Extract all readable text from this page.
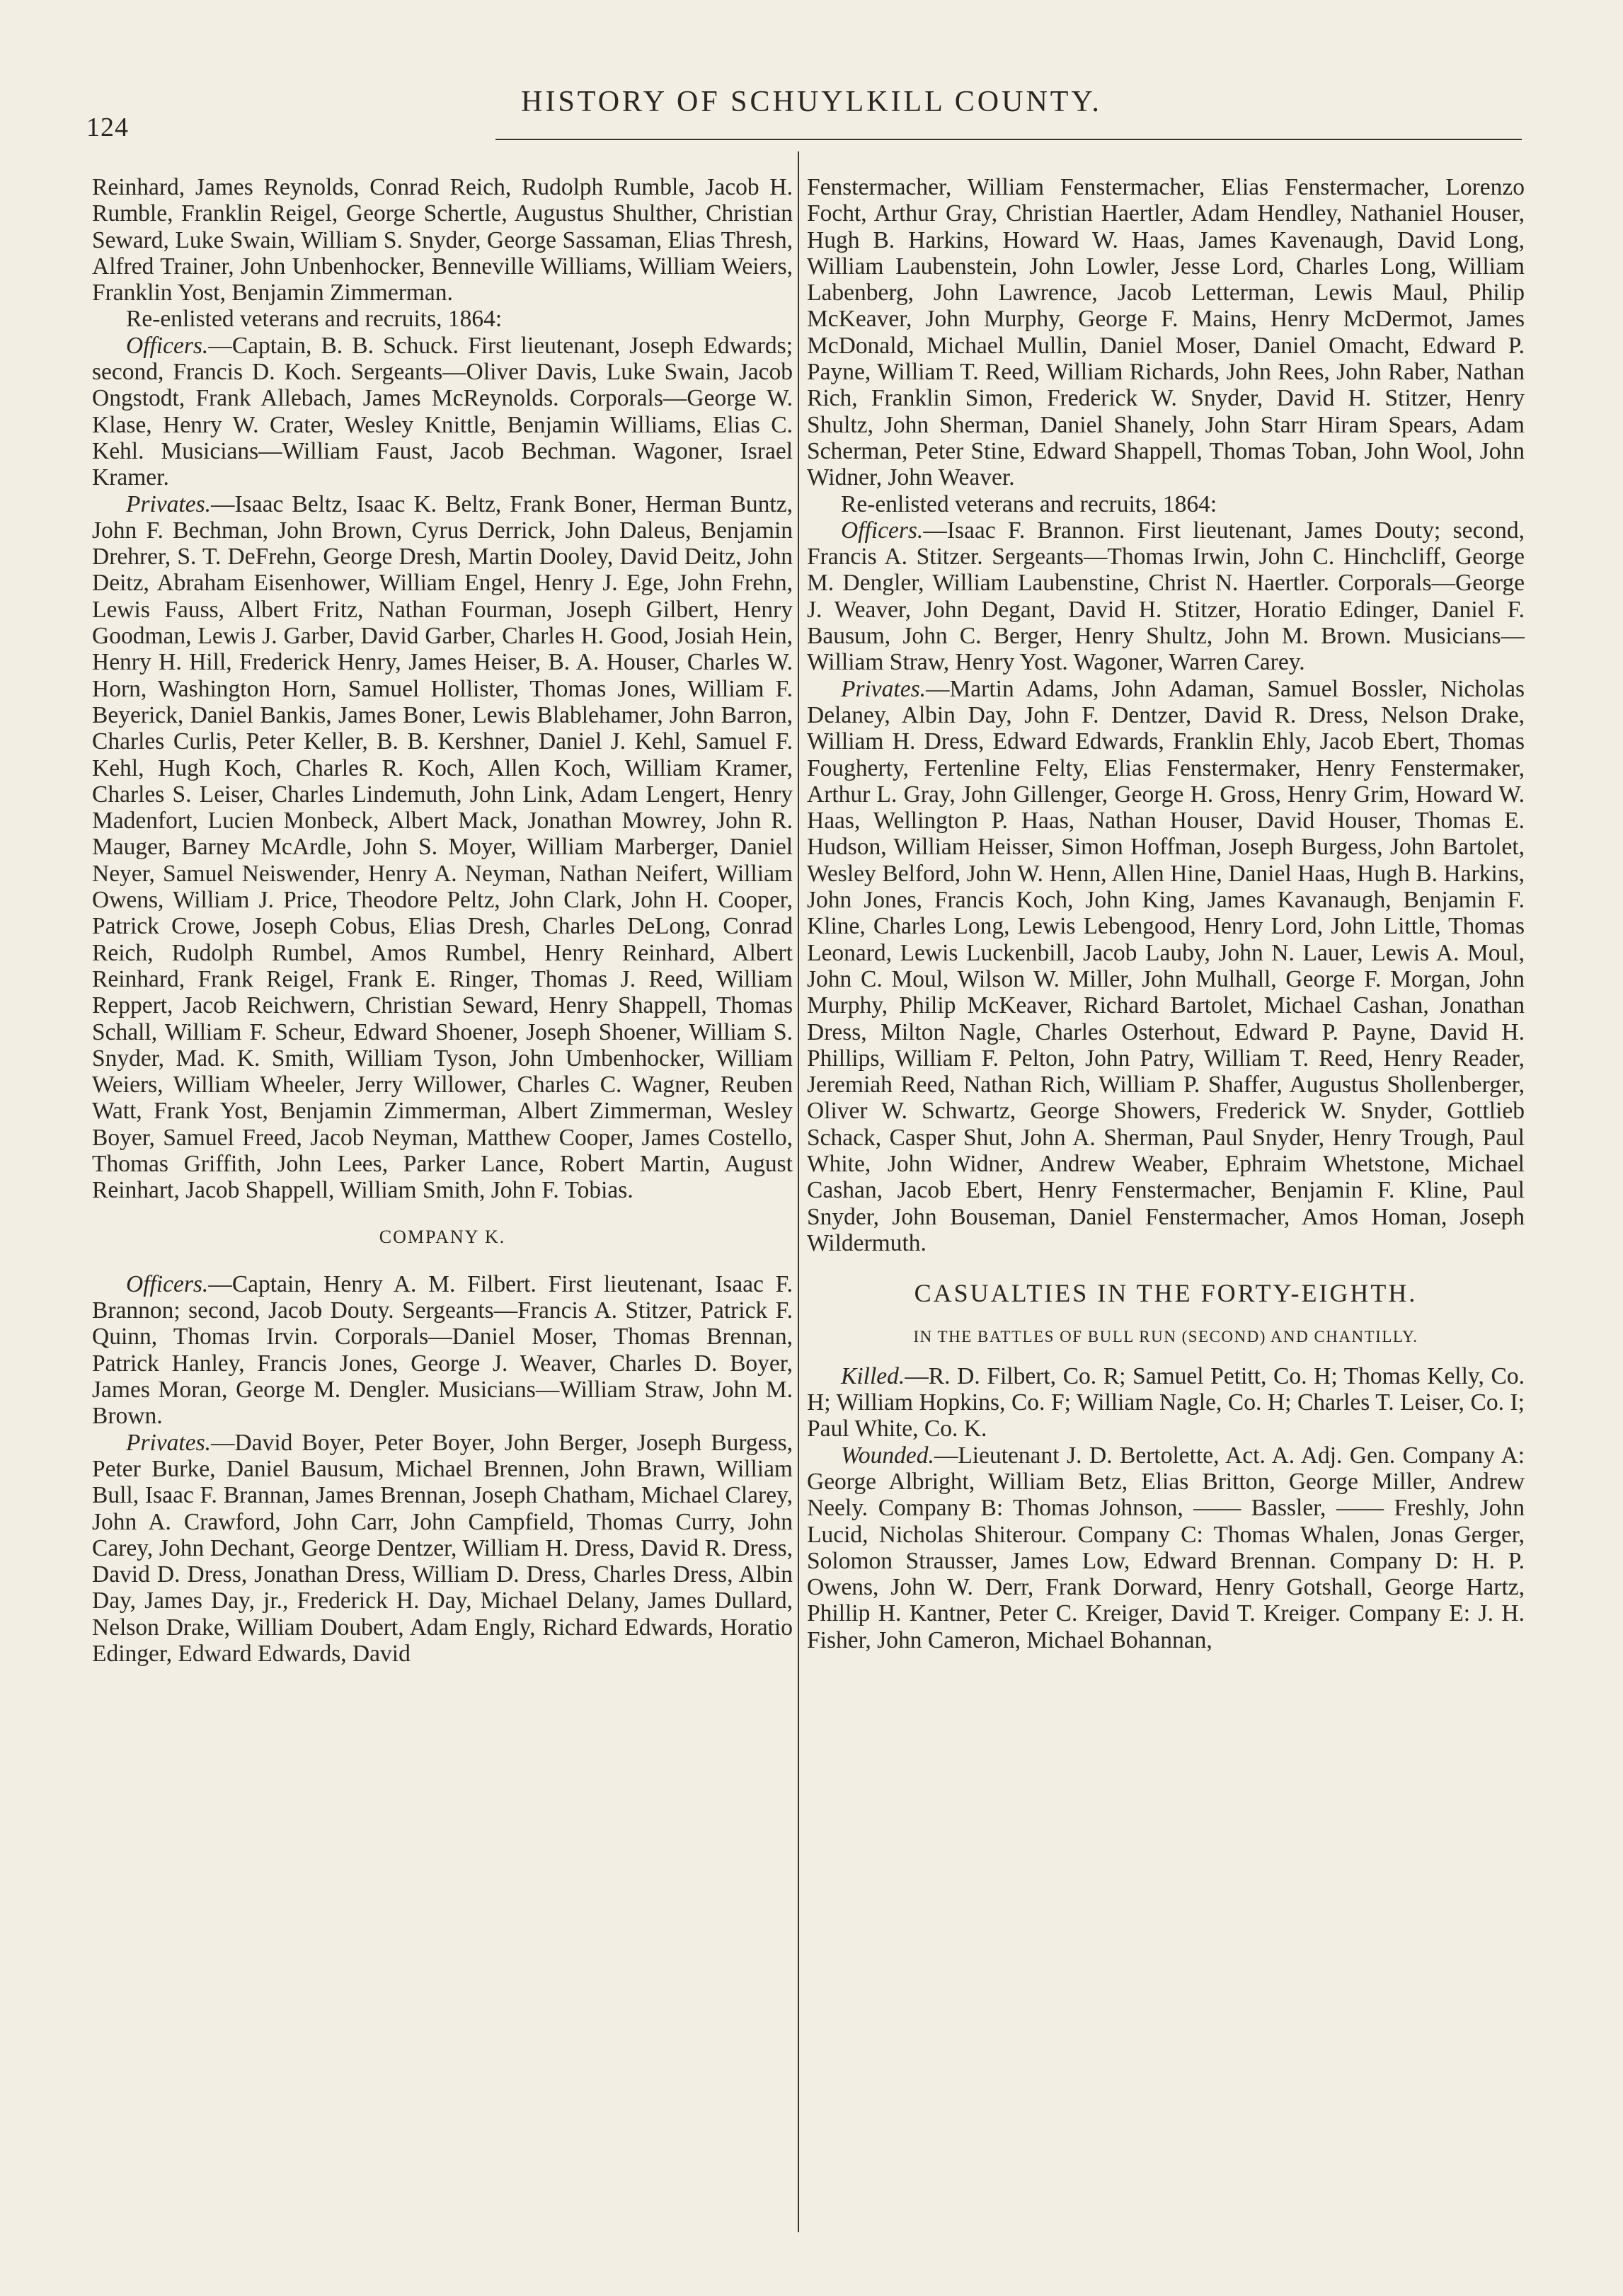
124
HISTORY OF SCHUYLKILL COUNTY.

Reinhard, James Reynolds, Conrad Reich, Rudolph Rumble, Jacob H. Rumble, Franklin Reigel, George Schertle, Augustus Shulther, Christian Seward, Luke Swain, William S. Snyder, George Sassaman, Elias Thresh, Alfred Trainer, John Unbenhocker, Benneville Williams, William Weiers, Franklin Yost, Benjamin Zimmerman.

Re-enlisted veterans and recruits, 1864:

Officers.—Captain, B. B. Schuck. First lieutenant, Joseph Edwards; second, Francis D. Koch. Sergeants—Oliver Davis, Luke Swain, Jacob Ongstodt, Frank Allebach, James McReynolds. Corporals—George W. Klase, Henry W. Crater, Wesley Knittle, Benjamin Williams, Elias C. Kehl. Musicians—William Faust, Jacob Bechman. Wagoner, Israel Kramer.

Privates.—Isaac Beltz, Isaac K. Beltz, Frank Boner, Herman Buntz, John F. Bechman, John Brown, Cyrus Derrick, John Daleus, Benjamin Drehrer, S. T. DeFrehn, George Dresh, Martin Dooley, David Deitz, John Deitz, Abraham Eisenhower, William Engel, Henry J. Ege, John Frehn, Lewis Fauss, Albert Fritz, Nathan Fourman, Joseph Gilbert, Henry Goodman, Lewis J. Garber, David Garber, Charles H. Good, Josiah Hein, Henry H. Hill, Frederick Henry, James Heiser, B. A. Houser, Charles W. Horn, Washington Horn, Samuel Hollister, Thomas Jones, William F. Beyerick, Daniel Bankis, James Boner, Lewis Blablehamer, John Barron, Charles Curlis, Peter Keller, B. B. Kershner, Daniel J. Kehl, Samuel F. Kehl, Hugh Koch, Charles R. Koch, Allen Koch, William Kramer, Charles S. Leiser, Charles Lindemuth, John Link, Adam Lengert, Henry Madenfort, Lucien Monbeck, Albert Mack, Jonathan Mowrey, John R. Mauger, Barney McArdle, John S. Moyer, William Marberger, Daniel Neyer, Samuel Neiswender, Henry A. Neyman, Nathan Neifert, William Owens, William J. Price, Theodore Peltz, John Clark, John H. Cooper, Patrick Crowe, Joseph Cobus, Elias Dresh, Charles DeLong, Conrad Reich, Rudolph Rumbel, Amos Rumbel, Henry Reinhard, Albert Reinhard, Frank Reigel, Frank E. Ringer, Thomas J. Reed, William Reppert, Jacob Reichwern, Christian Seward, Henry Shappell, Thomas Schall, William F. Scheur, Edward Shoener, Joseph Shoener, William S. Snyder, Mad. K. Smith, William Tyson, John Umbenhocker, William Weiers, William Wheeler, Jerry Willower, Charles C. Wagner, Reuben Watt, Frank Yost, Benjamin Zimmerman, Albert Zimmerman, Wesley Boyer, Samuel Freed, Jacob Neyman, Matthew Cooper, James Costello, Thomas Griffith, John Lees, Parker Lance, Robert Martin, August Reinhart, Jacob Shappell, William Smith, John F. Tobias.

COMPANY K.

Officers.—Captain, Henry A. M. Filbert. First lieutenant, Isaac F. Brannon; second, Jacob Douty. Sergeants—Francis A. Stitzer, Patrick F. Quinn, Thomas Irvin. Corporals—Daniel Moser, Thomas Brennan, Patrick Hanley, Francis Jones, George J. Weaver, Charles D. Boyer, James Moran, George M. Dengler. Musicians—William Straw, John M. Brown.

Privates.—David Boyer, Peter Boyer, John Berger, Joseph Burgess, Peter Burke, Daniel Bausum, Michael Brennen, John Brawn, William Bull, Isaac F. Brannan, James Brennan, Joseph Chatham, Michael Clarey, John A. Crawford, John Carr, John Campfield, Thomas Curry, John Carey, John Dechant, George Dentzer, William H. Dress, David R. Dress, David D. Dress, Jonathan Dress, William D. Dress, Charles Dress, Albin Day, James Day, jr., Frederick H. Day, Michael Delany, James Dullard, Nelson Drake, William Doubert, Adam Engly, Richard Edwards, Horatio Edinger, Edward Edwards, David

Fenstermacher, William Fenstermacher, Elias Fenstermacher, Lorenzo Focht, Arthur Gray, Christian Haertler, Adam Hendley, Nathaniel Houser, Hugh B. Harkins, Howard W. Haas, James Kavenaugh, David Long, William Laubenstein, John Lowler, Jesse Lord, Charles Long, William Labenberg, John Lawrence, Jacob Letterman, Lewis Maul, Philip McKeaver, John Murphy, George F. Mains, Henry McDermot, James McDonald, Michael Mullin, Daniel Moser, Daniel Omacht, Edward P. Payne, William T. Reed, William Richards, John Rees, John Raber, Nathan Rich, Franklin Simon, Frederick W. Snyder, David H. Stitzer, Henry Shultz, John Sherman, Daniel Shanely, John Starr Hiram Spears, Adam Scherman, Peter Stine, Edward Shappell, Thomas Toban, John Wool, John Widner, John Weaver.

Re-enlisted veterans and recruits, 1864:

Officers.—Isaac F. Brannon. First lieutenant, James Douty; second, Francis A. Stitzer. Sergeants—Thomas Irwin, John C. Hinchcliff, George M. Dengler, William Laubenstine, Christ N. Haertler. Corporals—George J. Weaver, John Degant, David H. Stitzer, Horatio Edinger, Daniel F. Bausum, John C. Berger, Henry Shultz, John M. Brown. Musicians—William Straw, Henry Yost. Wagoner, Warren Carey.

Privates.—Martin Adams, John Adaman, Samuel Bossler, Nicholas Delaney, Albin Day, John F. Dentzer, David R. Dress, Nelson Drake, William H. Dress, Edward Edwards, Franklin Ehly, Jacob Ebert, Thomas Fougherty, Fertenline Felty, Elias Fenstermaker, Henry Fenstermaker, Arthur L. Gray, John Gillenger, George H. Gross, Henry Grim, Howard W. Haas, Wellington P. Haas, Nathan Houser, David Houser, Thomas E. Hudson, William Heisser, Simon Hoffman, Joseph Burgess, John Bartolet, Wesley Belford, John W. Henn, Allen Hine, Daniel Haas, Hugh B. Harkins, John Jones, Francis Koch, John King, James Kavanaugh, Benjamin F. Kline, Charles Long, Lewis Lebengood, Henry Lord, John Little, Thomas Leonard, Lewis Luckenbill, Jacob Lauby, John N. Lauer, Lewis A. Moul, John C. Moul, Wilson W. Miller, John Mulhall, George F. Morgan, John Murphy, Philip McKeaver, Richard Bartolet, Michael Cashan, Jonathan Dress, Milton Nagle, Charles Osterhout, Edward P. Payne, David H. Phillips, William F. Pelton, John Patry, William T. Reed, Henry Reader, Jeremiah Reed, Nathan Rich, William P. Shaffer, Augustus Shollenberger, Oliver W. Schwartz, George Showers, Frederick W. Snyder, Gottlieb Schack, Casper Shut, John A. Sherman, Paul Snyder, Henry Trough, Paul White, John Widner, Andrew Weaber, Ephraim Whetstone, Michael Cashan, Jacob Ebert, Henry Fenstermacher, Benjamin F. Kline, Paul Snyder, John Bouseman, Daniel Fenstermacher, Amos Homan, Joseph Wildermuth.

CASUALTIES IN THE FORTY-EIGHTH.

IN THE BATTLES OF BULL RUN (SECOND) AND CHANTILLY.

Killed.—R. D. Filbert, Co. R; Samuel Petitt, Co. H; Thomas Kelly, Co. H; William Hopkins, Co. F; William Nagle, Co. H; Charles T. Leiser, Co. I; Paul White, Co. K.

Wounded.—Lieutenant J. D. Bertolette, Act. A. Adj. Gen. Company A: George Albright, William Betz, Elias Britton, George Miller, Andrew Neely. Company B: Thomas Johnson, —— Bassler, —— Freshly, John Lucid, Nicholas Shiterour. Company C: Thomas Whalen, Jonas Gerger, Solomon Strausser, James Low, Edward Brennan. Company D: H. P. Owens, John W. Derr, Frank Dorward, Henry Gotshall, George Hartz, Phillip H. Kantner, Peter C. Kreiger, David T. Kreiger. Company E: J. H. Fisher, John Cameron, Michael Bohannan,
